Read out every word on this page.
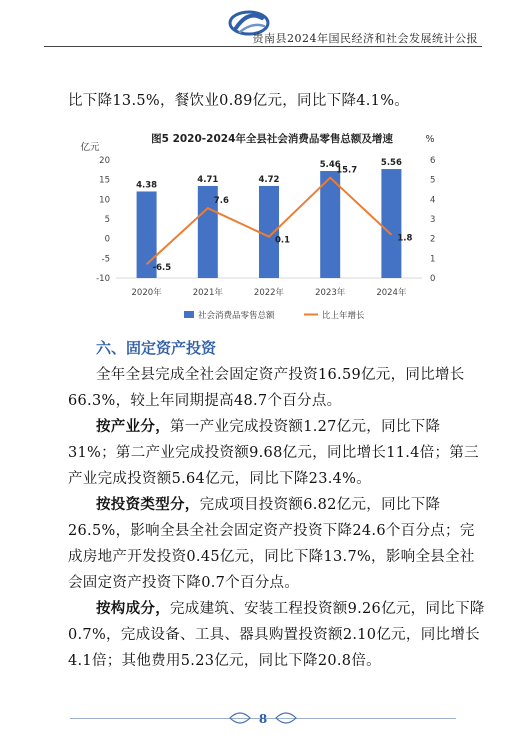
贵南县2024年国民经济和社会发展统计公报
比下降13.5%，餐饮业0.89亿元，同比下降4.1%。
图5 2020-2024年全县社会消费品零售总额及增速
亿元
%
20
15
10
5
0
-5
-10
6
5
4
3
2
1
0
4.38
4.71	4.72
5.46	5.56
-6.5
7.6
0.1
15.7
1.8
2020年	2021年	2022年	2023年	2024年
社会消费品零售总额	比上年增长
六、固定资产投资
全年全县完成全社会固定资产投资16.59亿元，同比增长66.3%，较上年同期提高48.7个百分点。
按产业分，第一产业完成投资额1.27亿元，同比下降31%；第二产业完成投资额9.68亿元，同比增长11.4倍；第三产业完成投资额5.64亿元，同比下降23.4%。
按投资类型分，完成项目投资额6.82亿元，同比下降26.5%，影响全县全社会固定资产投资下降24.6个百分点；完成房地产开发投资0.45亿元，同比下降13.7%，影响全县全社会固定资产投资下降0.7个百分点。
按构成分，完成建筑、安装工程投资额9.26亿元，同比下降0.7%，完成设备、工具、器具购置投资额2.10亿元，同比增长4.1倍；其他费用5.23亿元，同比下降20.8倍。
8
